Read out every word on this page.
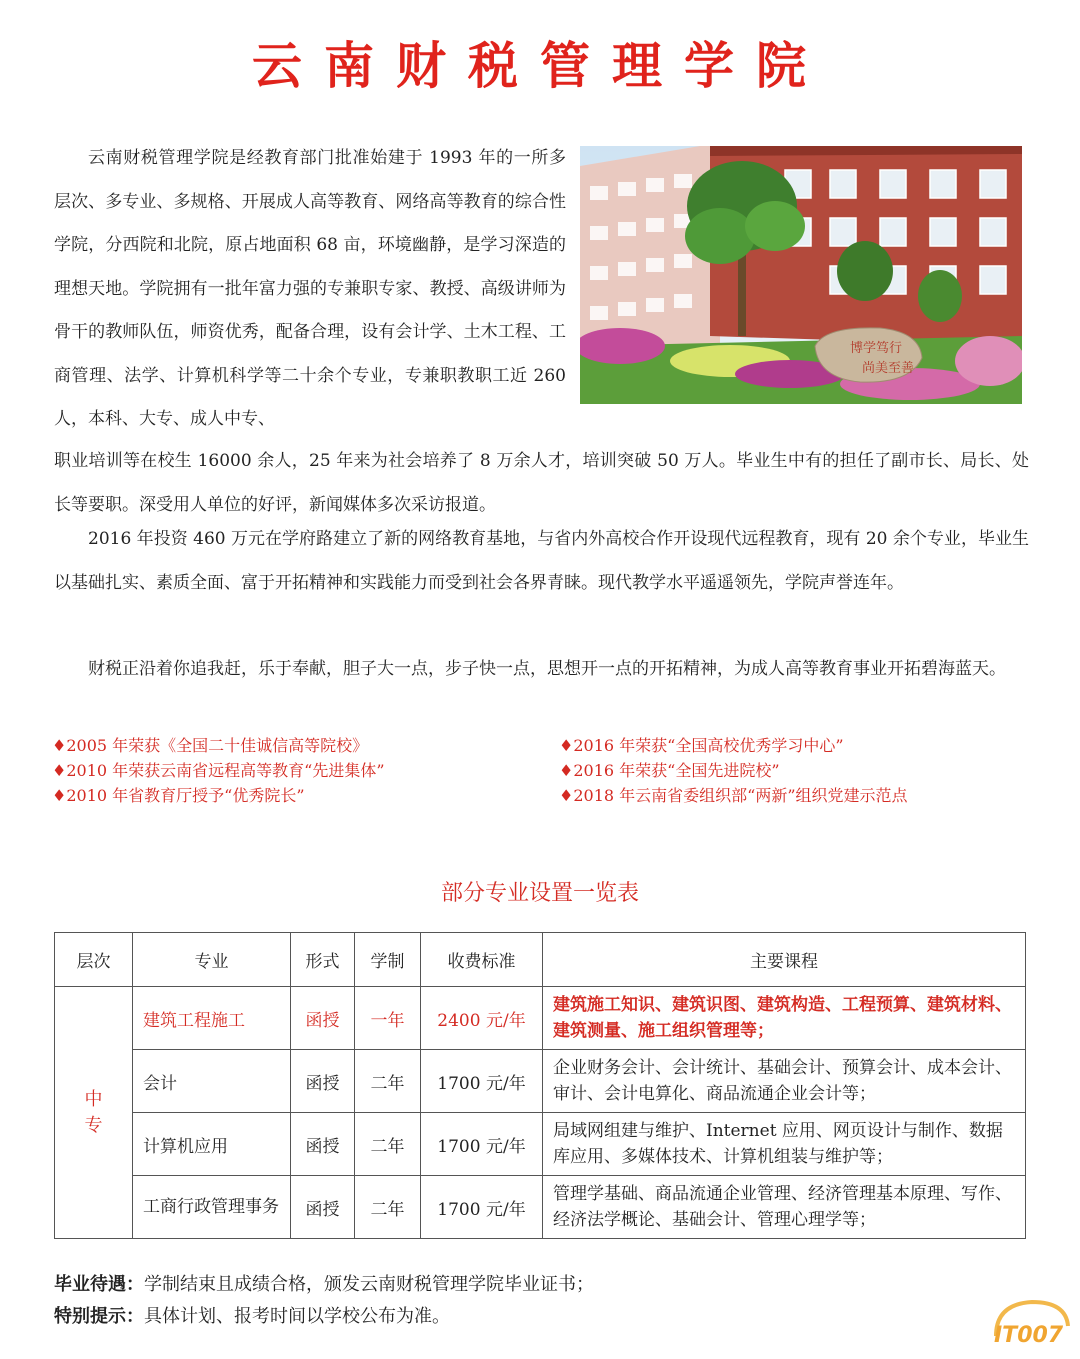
云南财税管理学院
博学笃行
尚美至善

云南财税管理学院是经教育部门批准始建于 1993 年的一所多层次、多专业、多规格、开展成人高等教育、网络高等教育的综合性学院，分西院和北院，原占地面积 68 亩，环境幽静，是学习深造的理想天地。学院拥有一批年富力强的专兼职专家、教授、高级讲师为骨干的教师队伍，师资优秀，配备合理，设有会计学、土木工程、工商管理、法学、计算机科学等二十余个专业，专兼职教职工近 260 人，本科、大专、成人中专、

职业培训等在校生 16000 余人，25 年来为社会培养了 8 万余人才，培训突破 50 万人。毕业生中有的担任了副市长、局长、处长等要职。深受用人单位的好评，新闻媒体多次采访报道。

2016 年投资 460 万元在学府路建立了新的网络教育基地，与省内外高校合作开设现代远程教育，现有 20 余个专业，毕业生以基础扎实、素质全面、富于开拓精神和实践能力而受到社会各界青睐。现代教学水平遥遥领先，学院声誉连年。

财税正沿着你追我赶，乐于奉献，胆子大一点，步子快一点，思想开一点的开拓精神，为成人高等教育事业开拓碧海蓝天。

♦2005 年荣获《全国二十佳诚信高等院校》
♦2010 年荣获云南省远程高等教育“先进集体”
♦2010 年省教育厅授予“优秀院长”
♦2016 年荣获“全国高校优秀学习中心”
♦2016 年荣获“全国先进院校”
♦2018 年云南省委组织部“两新”组织党建示范点
部分专业设置一览表
层次	专业	形式	学制	收费标准	主要课程
中
专	建筑工程施工	函授	一年	2400 元/年	建筑施工知识、建筑识图、建筑构造、工程预算、建筑材料、建筑测量、施工组织管理等；
	会计	函授	二年	1700 元/年	企业财务会计、会计统计、基础会计、预算会计、成本会计、审计、会计电算化、商品流通企业会计等；
	计算机应用	函授	二年	1700 元/年	局域网组建与维护、Internet 应用、网页设计与制作、数据库应用、多媒体技术、计算机组装与维护等；
	工商行政管理事务	函授	二年	1700 元/年	管理学基础、商品流通企业管理、经济管理基本原理、写作、经济法学概论、基础会计、管理心理学等；
毕业待遇：学制结束且成绩合格，颁发云南财税管理学院毕业证书；
特别提示：具体计划、报考时间以学校公布为准。
IT007
